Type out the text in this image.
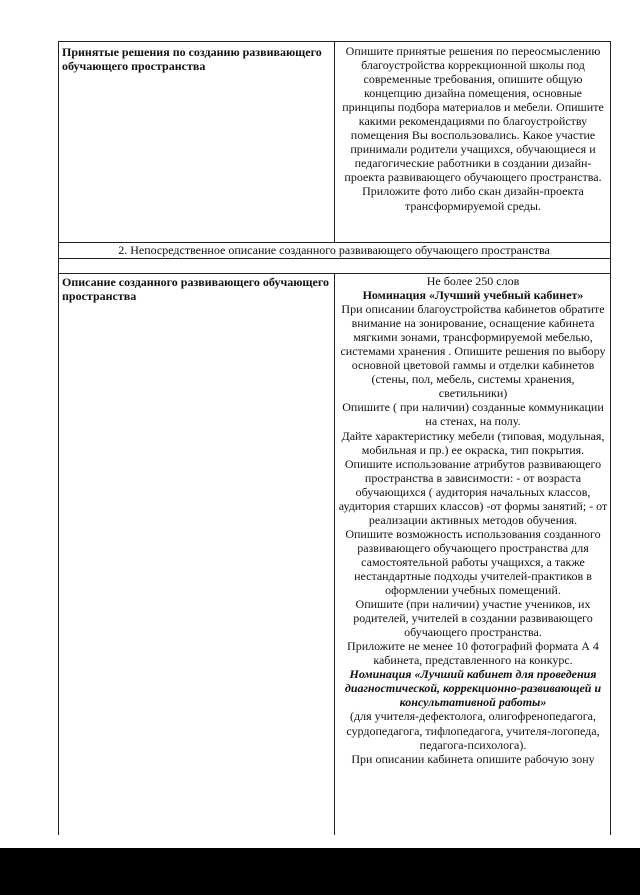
Принятые решения по созданию развивающего обучающего пространства

Опишите принятые решения по переосмыслению благоустройства коррекционной школы под современные требования, опишите общую концепцию дизайна помещения, основные принципы подбора материалов и мебели. Опишите какими рекомендациями по благоустройству помещения Вы воспользовались. Какое участие принимали родители учащихся, обучающиеся и педагогические работники в создании дизайн-проекта развивающего обучающего пространства.

Приложите фото либо скан дизайн-проекта трансформируемой среды.

2. Непосредственное описание созданного развивающего обучающего пространства
Описание созданного развивающего обучающего пространства

Не более 250 слов

Номинация «Лучший учебный кабинет»

При описании благоустройства кабинетов обратите внимание на зонирование, оснащение кабинета мягкими зонами, трансформируемой мебелью, системами хранения . Опишите решения по выбору основной цветовой гаммы и отделки кабинетов (стены, пол, мебель, системы хранения, светильники)

Опишите ( при наличии) созданные коммуникации на стенах, на полу.

Дайте характеристику мебели (типовая, модульная, мобильная и пр.) ее окраска, тип покрытия.

Опишите использование атрибутов развивающего пространства в зависимости: - от возраста обучающихся ( аудитория начальных классов, аудитория старших классов) -от формы занятий; - от реализации активных методов обучения.

Опишите возможность использования созданного развивающего обучающего пространства для самостоятельной работы учащихся, а также нестандартные подходы учителей-практиков в оформлении учебных помещений.

Опишите (при наличии) участие учеников, их родителей, учителей в создании развивающего обучающего пространства.

Приложите не менее 10 фотографий формата А 4 кабинета, представленного на конкурс.

Номинация «Лучший кабинет для проведения диагностической, коррекционно-развивающей и консультативной работы»

(для учителя-дефектолога, олигофренопедагога, сурдопедагога, тифлопедагога, учителя-логопеда, педагога-психолога).

При описании кабинета опишите рабочую зону
